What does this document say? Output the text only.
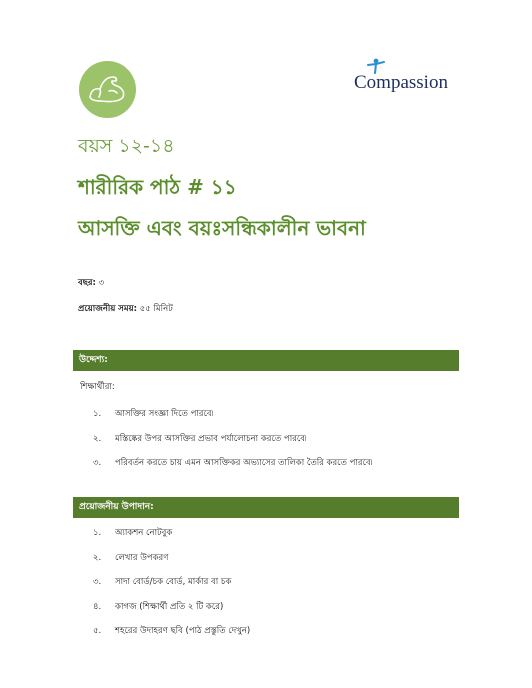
Compassion
বয়স ১২-১৪
শারীরিক পাঠ # ১১
আসক্তি এবং বয়ঃসন্ধিকালীন ভাবনা
বছর: ৩
প্রয়োজনীয় সময়: ৫৫ মিনিট
উদ্দেশ্য:
শিক্ষার্থীরা:
১.	আসক্তির সংজ্ঞা দিতে পারবে৷
২.	মস্তিষ্কের উপর আসক্তির প্রভাব পর্যালোচনা করতে পারবে৷
৩.	পরিবর্তন করতে চায় এমন আসক্তিকর অভ্যাসের তালিকা তৈরি করতে পারবে৷
প্রয়োজনীয় উপাদান:
১.	অ্যাকশন নোটবুক
২.	লেখার উপকরণ
৩.	সাদা বোর্ড/চক বোর্ড, মার্কার বা চক
৪.	কাগজ (শিক্ষার্থী প্রতি ২ টি করে)
৫.	শহরের উদাহরণ ছবি (পাঠ প্রস্তুতি দেখুন)
